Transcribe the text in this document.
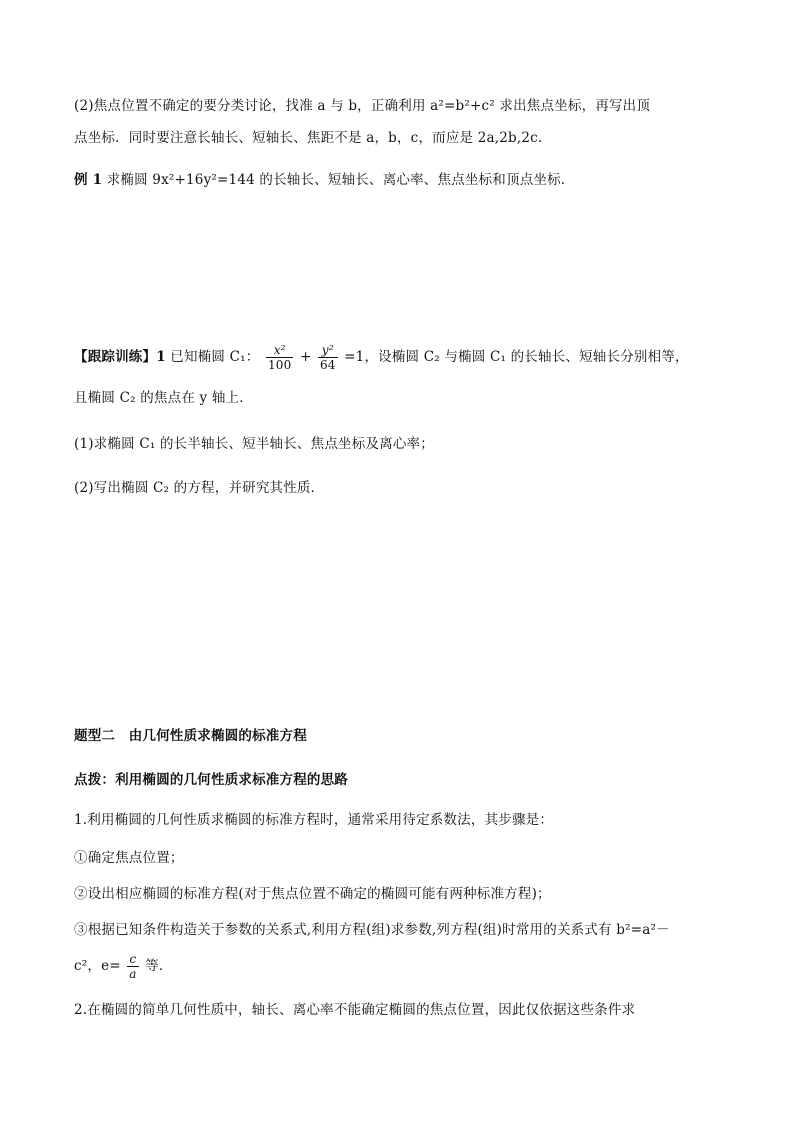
(2)焦点位置不确定的要分类讨论，找准 a 与 b，正确利用 a²=b²+c² 求出焦点坐标，再写出顶
点坐标．同时要注意长轴长、短轴长、焦距不是 a，b，c，而应是 2a,2b,2c.
例 1 求椭圆 9x²+16y²=144 的长轴长、短轴长、离心率、焦点坐标和顶点坐标．
【跟踪训练】1 已知椭圆 C₁： $\frac{\text{x²}}{100} + \frac{\text{y²}}{64} =1$，设椭圆 C₂ 与椭圆 C₁ 的长轴长、短轴长分别相等，
且椭圆 C₂ 的焦点在 y 轴上．
(1)求椭圆 C₁ 的长半轴长、短半轴长、焦点坐标及离心率；
(2)写出椭圆 C₂ 的方程，并研究其性质．
题型二　由几何性质求椭圆的标准方程
点拨：利用椭圆的几何性质求标准方程的思路
1.利用椭圆的几何性质求椭圆的标准方程时，通常采用待定系数法，其步骤是：
①确定焦点位置；
②设出相应椭圆的标准方程(对于焦点位置不确定的椭圆可能有两种标准方程)；
③根据已知条件构造关于参数的关系式,利用方程(组)求参数,列方程(组)时常用的关系式有 b²=a²－
c²，$e= \frac{c}{a}$ 等．
2.在椭圆的简单几何性质中，轴长、离心率不能确定椭圆的焦点位置，因此仅依据这些条件求
